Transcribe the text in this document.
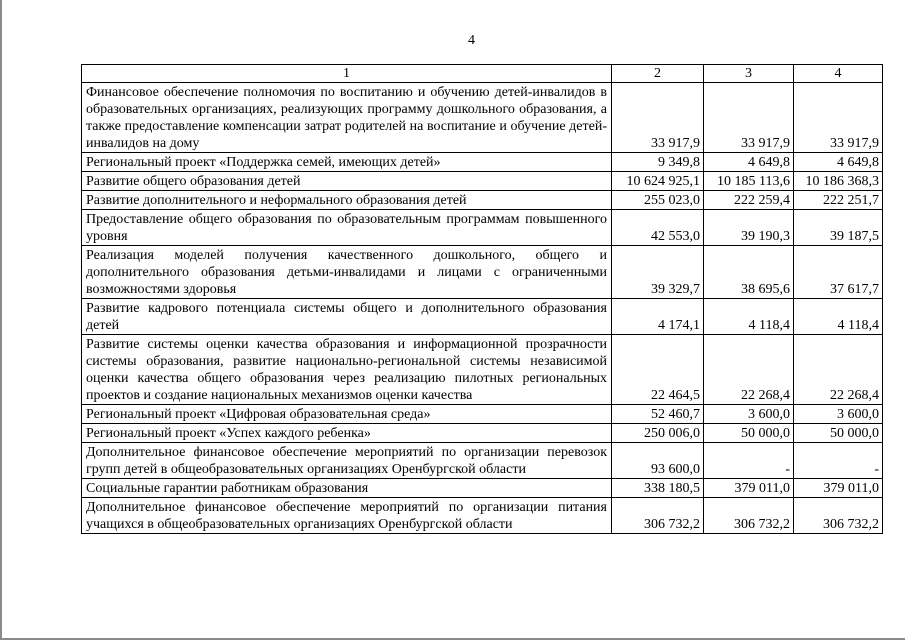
4
1	2	3	4
Финансовое обеспечение полномочия по воспитанию и обучению детей-инвалидов в образовательных организациях, реализующих программу дошкольного образования, а также предоставление компенсации затрат родителей на воспитание и обучение детей-инвалидов на дому	33 917,9	33 917,9	33 917,9
Региональный проект «Поддержка семей, имеющих детей»	9 349,8	4 649,8	4 649,8
Развитие общего образования детей	10 624 925,1	10 185 113,6	10 186 368,3
Развитие дополнительного и неформального образования детей	255 023,0	222 259,4	222 251,7
Предоставление общего образования по образовательным программам повышенного уровня	42 553,0	39 190,3	39 187,5
Реализация моделей получения качественного дошкольного, общего и дополнительного образования детьми-инвалидами и лицами с ограниченными возможностями здоровья	39 329,7	38 695,6	37 617,7
Развитие кадрового потенциала системы общего и дополнительного образования детей	4 174,1	4 118,4	4 118,4
Развитие системы оценки качества образования и информационной прозрачности системы образования, развитие национально-региональной системы независимой оценки качества общего образования через реализацию пилотных региональных проектов и создание национальных механизмов оценки качества	22 464,5	22 268,4	22 268,4
Региональный проект «Цифровая образовательная среда»	52 460,7	3 600,0	3 600,0
Региональный проект «Успех каждого ребенка»	250 006,0	50 000,0	50 000,0
Дополнительное финансовое обеспечение мероприятий по организации перевозок групп детей в общеобразовательных организациях Оренбургской области	93 600,0	-	-
Социальные гарантии работникам образования	338 180,5	379 011,0	379 011,0
Дополнительное финансовое обеспечение мероприятий по организации питания учащихся в общеобразовательных организациях Оренбургской области	306 732,2	306 732,2	306 732,2
